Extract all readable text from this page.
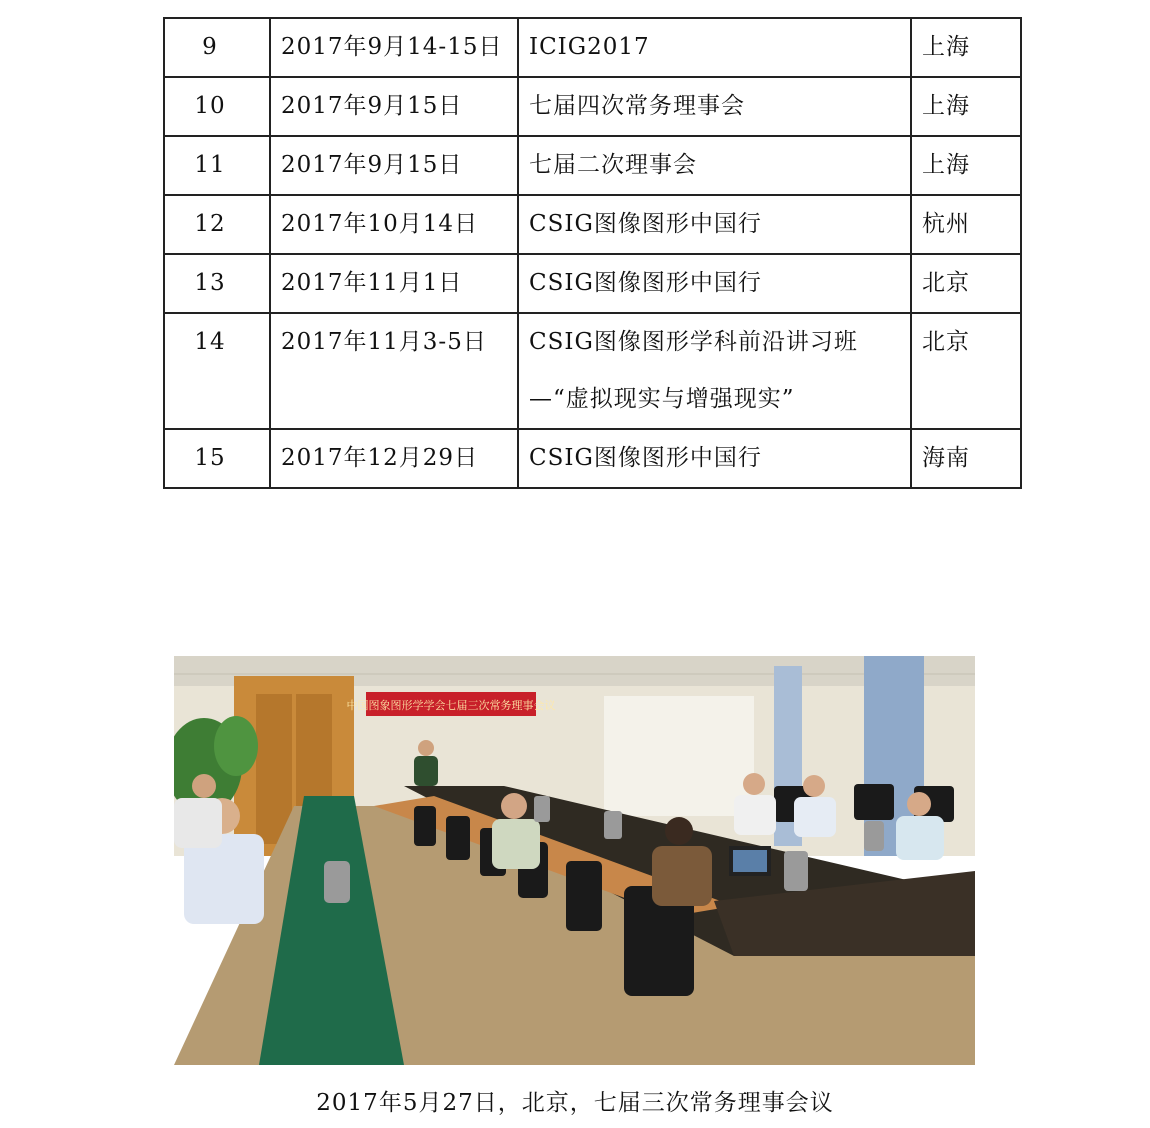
9	2017年9月14-15日	ICIG2017	上海

10	2017年9月15日	七届四次常务理事会	上海

11	2017年9月15日	七届二次理事会	上海

12	2017年10月14日	CSIG图像图形中国行	杭州

13	2017年11月1日	CSIG图像图形中国行	北京

14	2017年11月3-5日	CSIG图像图形学科前沿讲习班
—“虚拟现实与增强现实”	北京

15	2017年12月29日	CSIG图像图形中国行	海南
中国图象图形学学会七届三次常务理事会议
2017年5月27日，北京，七届三次常务理事会议
